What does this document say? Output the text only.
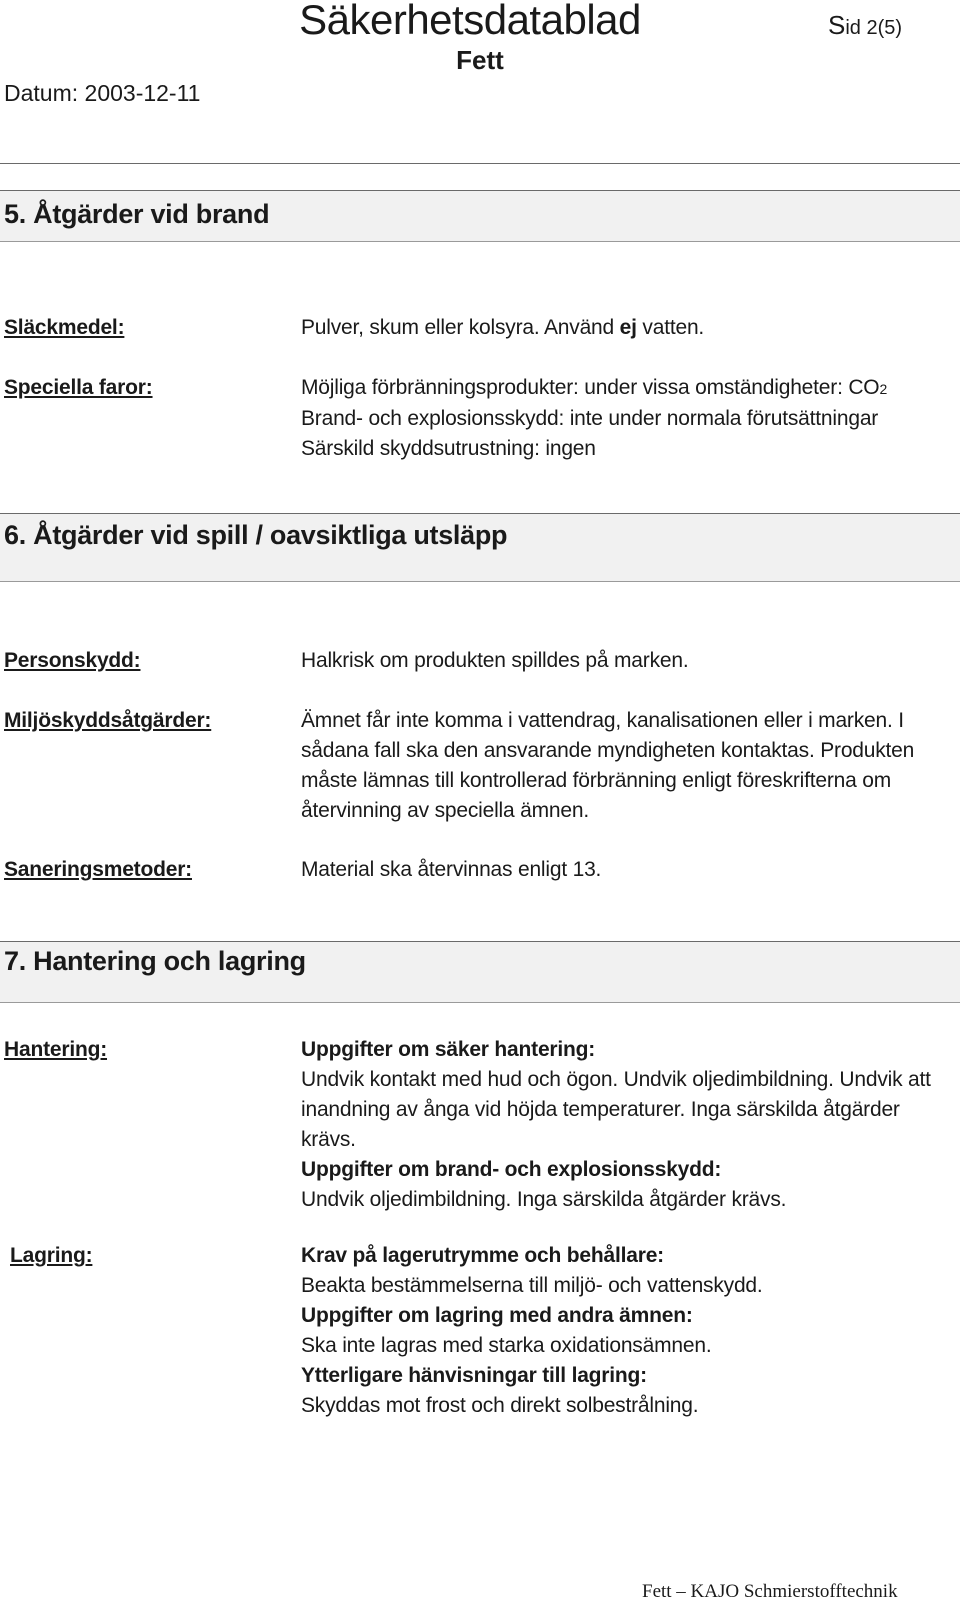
Säkerhetsdatablad	Sid 2(5)
Fett
Datum: 2003-12-11
5. Åtgärder vid brand
Släckmedel:	Pulver, skum eller kolsyra. Använd ej vatten.
Speciella faror:	Möjliga förbränningsprodukter: under vissa omständigheter: CO2
Brand- och explosionsskydd: inte under normala förutsättningar
Särskild skyddsutrustning: ingen
6. Åtgärder vid spill / oavsiktliga utsläpp
Personskydd:	Halkrisk om produkten spilldes på marken.
Miljöskyddsåtgärder:	Ämnet får inte komma i vattendrag, kanalisationen eller i marken. I
sådana fall ska den ansvarande myndigheten kontaktas. Produkten
måste lämnas till kontrollerad förbränning enligt föreskrifterna om
återvinning av speciella ämnen.
Saneringsmetoder:	Material ska återvinnas enligt 13.
7. Hantering och lagring
Hantering:	Uppgifter om säker hantering:
Undvik kontakt med hud och ögon. Undvik oljedimbildning. Undvik att
inandning av ånga vid höjda temperaturer. Inga särskilda åtgärder
krävs.
Uppgifter om brand- och explosionsskydd:
Undvik oljedimbildning. Inga särskilda åtgärder krävs.
Lagring:	Krav på lagerutrymme och behållare:
Beakta bestämmelserna till miljö- och vattenskydd.
Uppgifter om lagring med andra ämnen:
Ska inte lagras med starka oxidationsämnen.
Ytterligare hänvisningar till lagring:
Skyddas mot frost och direkt solbestrålning.
Fett – KAJO Schmierstofftechnik
